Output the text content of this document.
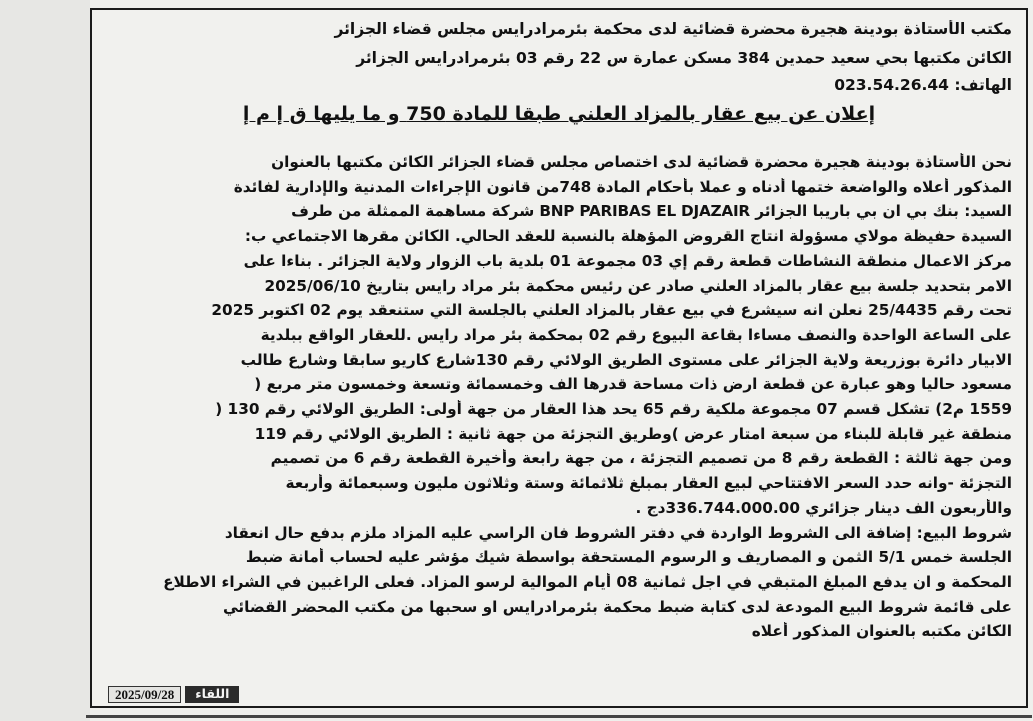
مكتب الأستاذة بودينة هجيرة محضرة قضائية لدى محكمة بئرمرادرايس مجلس قضاء الجزائر
الكائن مكتبها بحي سعيد حمدين 384 مسكن عمارة س 22 رقم 03 بئرمرادرايس الجزائر
الهاتف: 023.54.26.44
إعلان عن بيع عقار بالمزاد العلني طبقا للمادة 750 و ما يليها ق إ م إ
نحن الأستاذة بودينة هجيرة محضرة قضائية لدى اختصاص مجلس قضاء الجزائر الكائن مكتبها بالعنوان
المذكور أعلاه والواضعة ختمها أدناه و عملا بأحكام المادة 748من قانون الإجراءات المدنية والإدارية لفائدة
السيد: بنك بي ان بي باريبا الجزائر BNP PARIBAS EL DJAZAIR شركة مساهمة الممثلة من طرف
السيدة حفيظة مولاي مسؤولة انتاج القروض المؤهلة بالنسبة للعقد الحالي. الكائن مقرها الاجتماعي ب:
مركز الاعمال منطقة النشاطات قطعة رقم إي 03 مجموعة 01 بلدية باب الزوار ولاية الجزائر . بناءا على
الامر بتحديد جلسة بيع عقار بالمزاد العلني صادر عن رئيس محكمة بئر مراد رايس بتاريخ 2025/06/10
تحت رقم 25/4435 نعلن انه سيشرع في بيع عقار بالمزاد العلني بالجلسة التي ستنعقد يوم 02 اكتوبر 2025
على الساعة الواحدة والنصف مساءا بقاعة البيوع رقم 02 بمحكمة بئر مراد رايس .للعقار الواقع ببلدية
الابيار دائرة بوزريعة ولاية الجزائر على مستوى الطريق الولائي رقم 130شارع كاريو سابقا وشارع طالب
مسعود حاليا وهو عبارة عن قطعة ارض ذات مساحة قدرها الف وخمسمائة وتسعة وخمسون متر مربع (
1559 م2) تشكل قسم 07 مجموعة ملكية رقم 65 يحد هذا العقار من جهة أولى: الطريق الولائي رقم 130 (
منطقة غير قابلة للبناء من سبعة امتار عرض )وطريق التجزئة من جهة ثانية : الطريق الولائي رقم 119
ومن جهة ثالثة : القطعة رقم 8 من تصميم التجزئة ، من جهة رابعة وأخيرة القطعة رقم 6 من تصميم
التجزئة -وانه حدد السعر الافتتاحي لبيع العقار بمبلغ ثلاثمائة وستة وثلاثون مليون وسبعمائة وأربعة
والأربعون الف دينار جزائري 336.744.000.00دج .
شروط البيع: إضافة الى الشروط الواردة في دفتر الشروط فان الراسي عليه المزاد ملزم بدفع حال انعقاد
الجلسة خمس 5/1 الثمن و المصاريف و الرسوم المستحقة بواسطة شيك مؤشر عليه لحساب أمانة ضبط
المحكمة و ان يدفع المبلغ المتبقي في اجل ثمانية 08 أيام الموالية لرسو المزاد. فعلى الراغبين في الشراء الاطلاع
على قائمة شروط البيع المودعة لدى كتابة ضبط محكمة بئرمرادرايس او سحبها من مكتب المحضر القضائي
الكائن مكتبه بالعنوان المذكور أعلاه
2025/09/28	اللقاء
